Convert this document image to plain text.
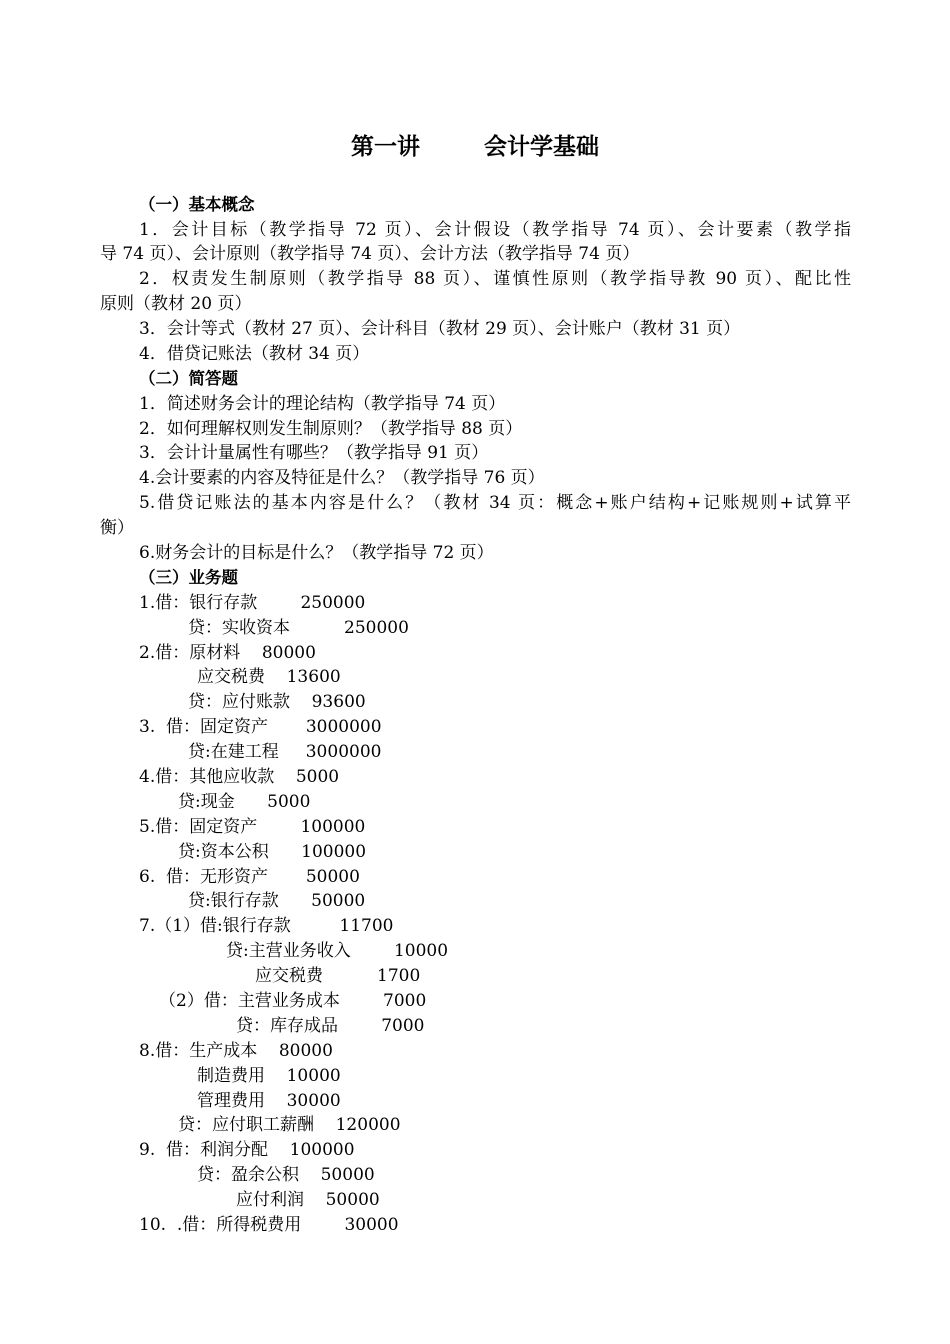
第一讲        会计学基础
（一）基本概念
1．会计目标（教学指导 72 页）、会计假设（教学指导 74 页）、会计要素（教学指
导 74 页）、会计原则（教学指导 74 页）、会计方法（教学指导 74 页）
2．权责发生制原则（教学指导 88 页）、谨慎性原则（教学指导教 90 页）、配比性
原则（教材 20 页）
3．会计等式（教材 27 页）、会计科目（教材 29 页）、会计账户（教材 31 页）
4．借贷记账法（教材 34 页）
（二）简答题
1．简述财务会计的理论结构（教学指导 74 页）
2．如何理解权则发生制原则？（教学指导 88 页）
3．会计计量属性有哪些？（教学指导 91 页）
4.会计要素的内容及特征是什么？（教学指导 76 页）
5.借贷记账法的基本内容是什么？（教材 34 页：概念+账户结构+记账规则+试算平
衡）
6.财务会计的目标是什么？（教学指导 72 页）
（三）业务题
1.借：银行存款        250000
贷：实收资本          250000
2.借：原材料    80000
应交税费    13600
贷：应付账款    93600
3.  借：固定资产       3000000
贷:在建工程     3000000
4.借：其他应收款    5000
贷:现金      5000
5.借：固定资产        100000
贷:资本公积      100000
6.  借：无形资产       50000
贷:银行存款      50000
7.（1）借:银行存款         11700
贷:主营业务收入        10000
应交税费          1700
（2）借：主营业务成本        7000
贷：库存成品        7000
8.借：生产成本    80000
制造费用    10000
管理费用    30000
贷：应付职工薪酬    120000
9.  借：利润分配    100000
贷：盈余公积    50000
应付利润    50000
10.  .借：所得税费用        30000
